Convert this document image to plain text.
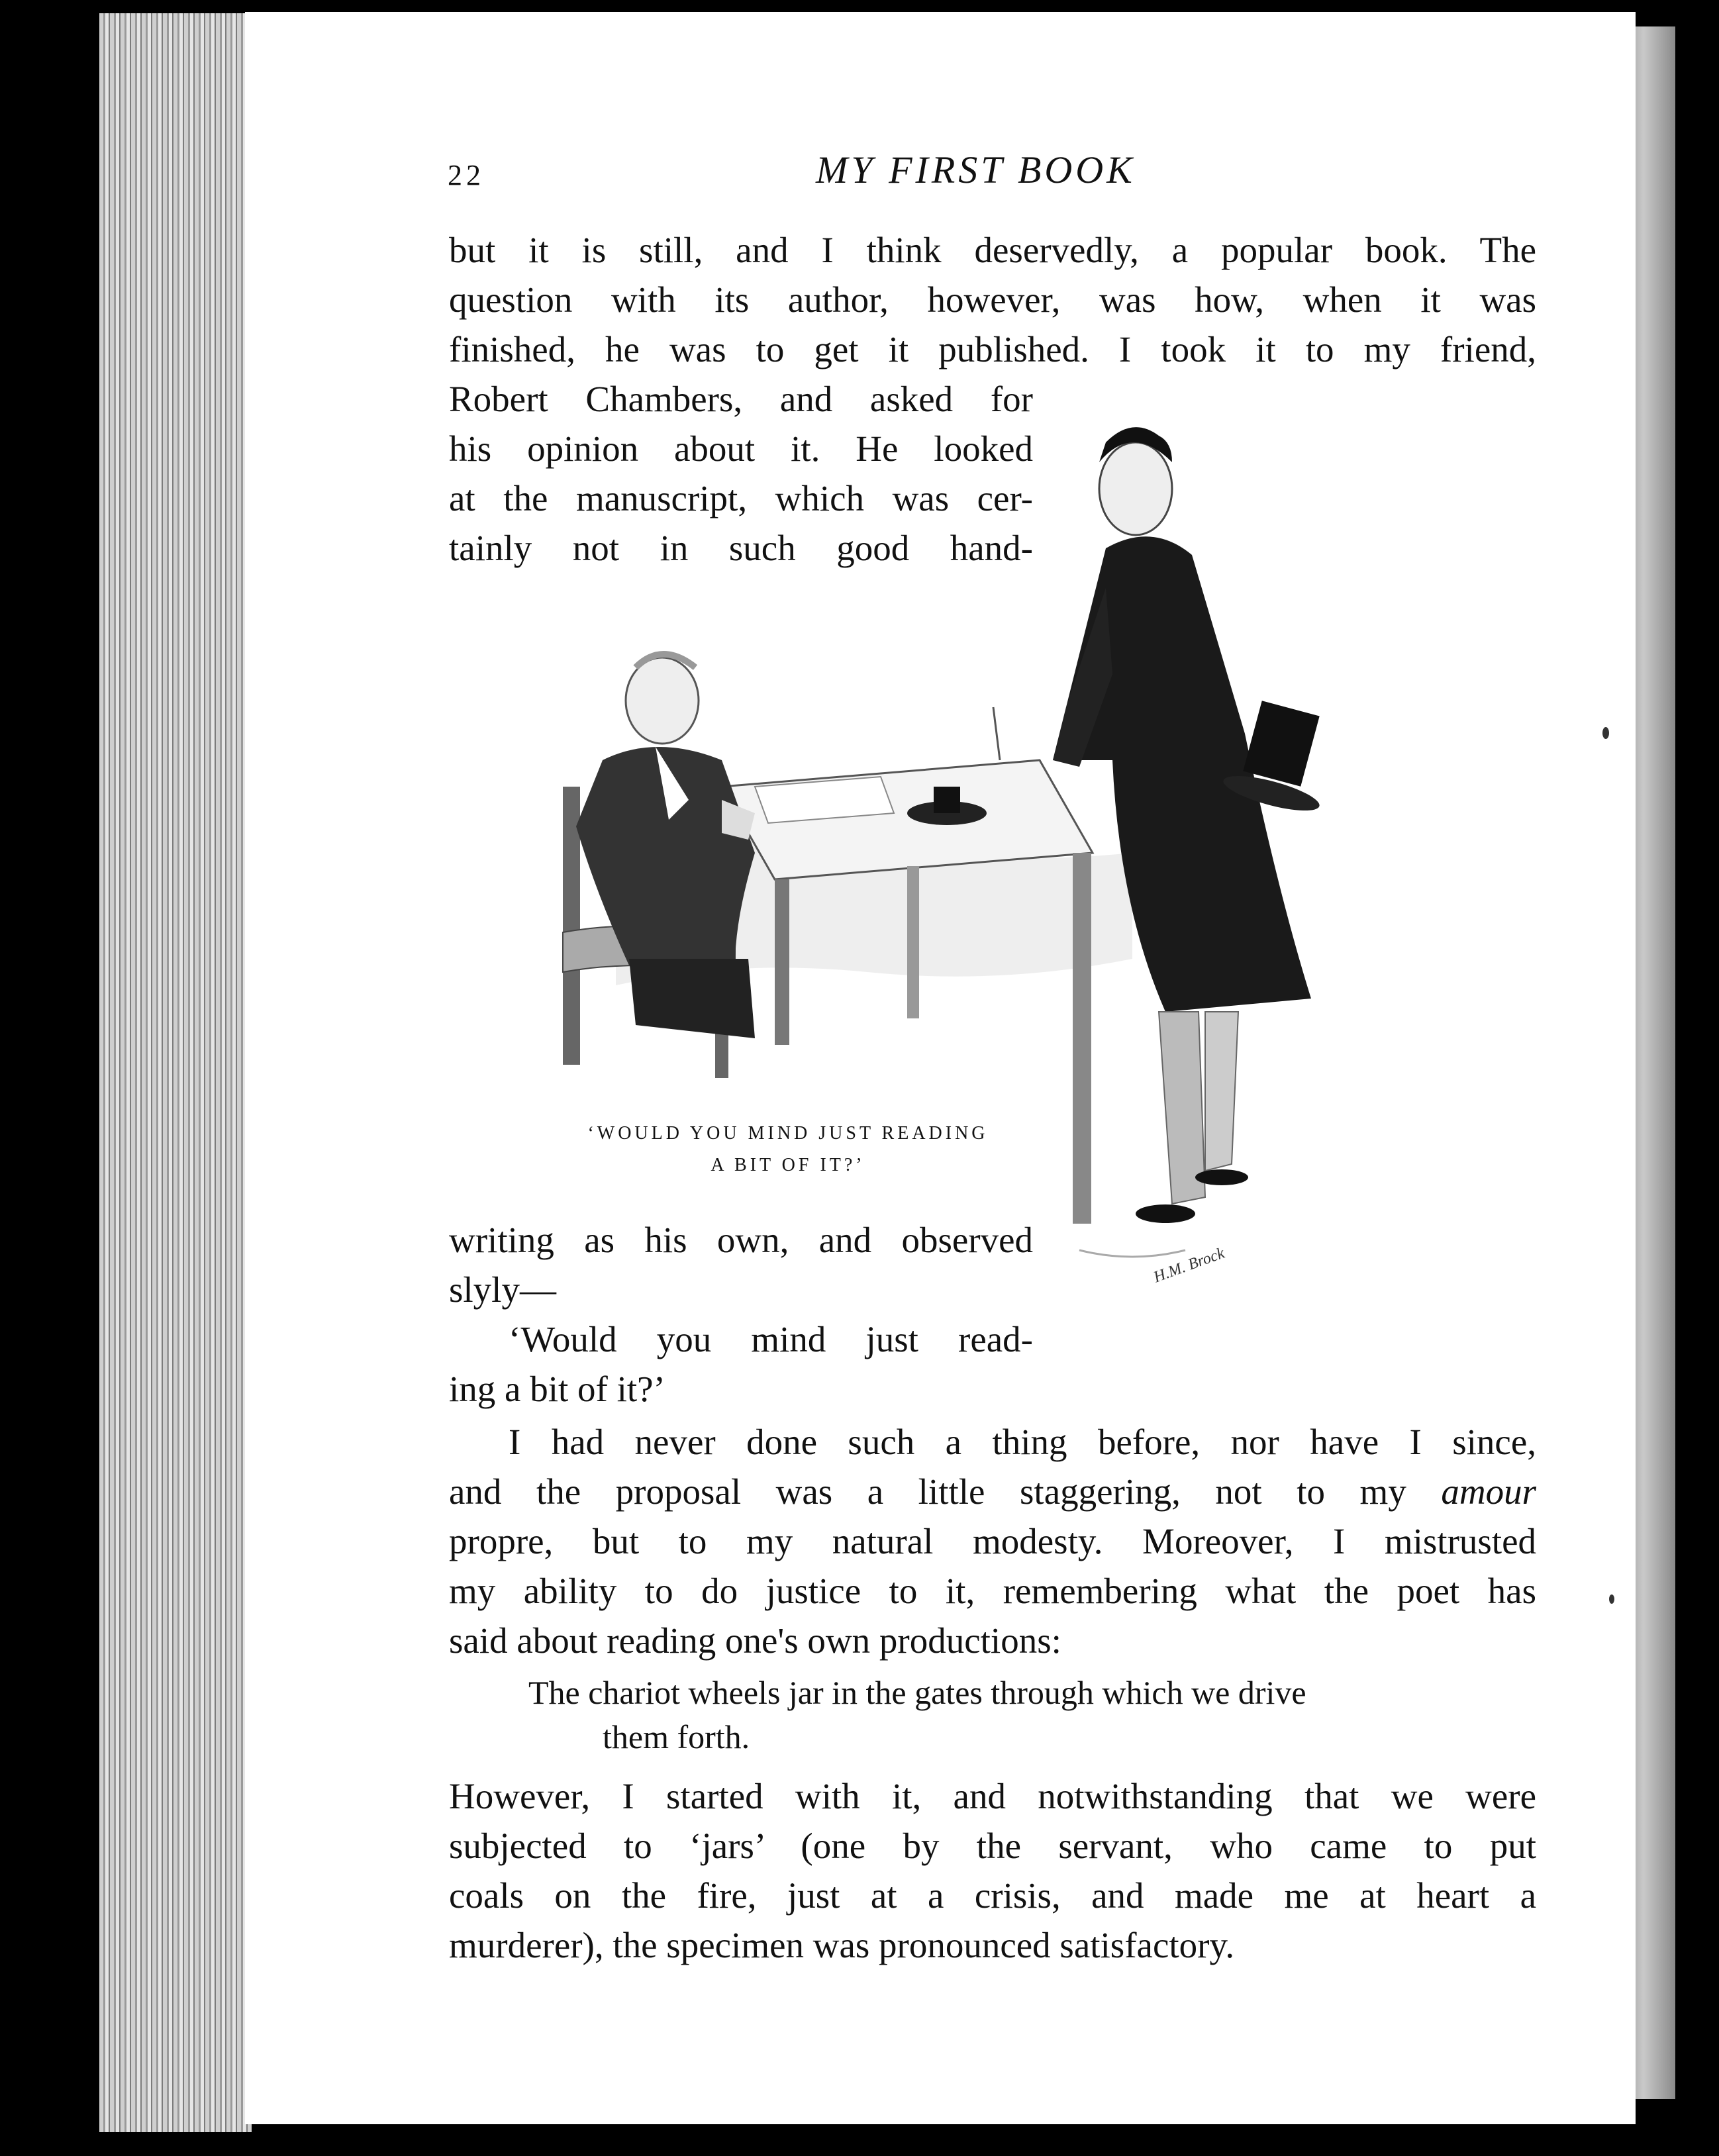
22	MY FIRST BOOK
but it is still, and I think deservedly, a popular book. The
question with its author, however, was how, when it was
finished, he was to get it published. I took it to my friend,
Robert Chambers, and asked for
his opinion about it. He looked
at the manuscript, which was cer-
tainly not in such good hand-
H.M. Brock
‘WOULD YOU MIND JUST READING
A BIT OF IT?’
writing as his own, and observed
slyly—
‘Would you mind just read-
ing a bit of it?’
I had never done such a thing before, nor have I since,
and the proposal was a little staggering, not to my amour
propre, but to my natural modesty. Moreover, I mistrusted
my ability to do justice to it, remembering what the poet has
said about reading one's own productions:
The chariot wheels jar in the gates through which we drive
them forth.
However, I started with it, and notwithstanding that we were
subjected to ‘jars’ (one by the servant, who came to put
coals on the fire, just at a crisis, and made me at heart a
murderer), the specimen was pronounced satisfactory.
